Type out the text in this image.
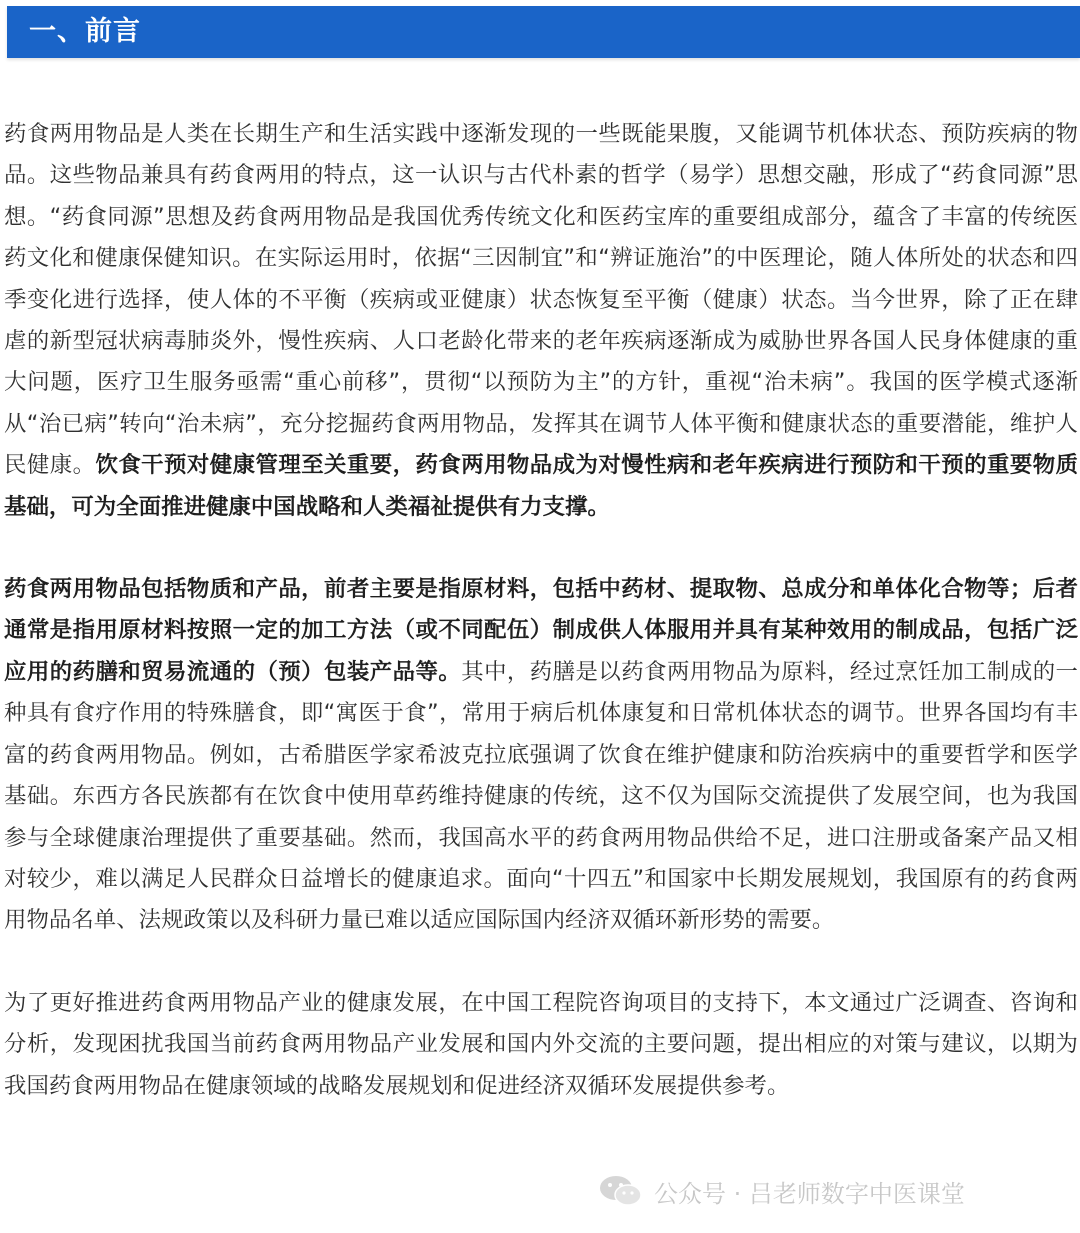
一、前言

药食两用物品是人类在长期生产和生活实践中逐渐发现的一些既能果腹，又能调节机体状态、预防疾病的物品。这些物品兼具有药食两用的特点，这一认识与古代朴素的哲学（易学）思想交融，形成了“药食同源”思想。“药食同源”思想及药食两用物品是我国优秀传统文化和医药宝库的重要组成部分，蕴含了丰富的传统医药文化和健康保健知识。在实际运用时，依据“三因制宜”和“辨证施治”的中医理论，随人体所处的状态和四季变化进行选择，使人体的不平衡（疾病或亚健康）状态恢复至平衡（健康）状态。当今世界，除了正在肆虐的新型冠状病毒肺炎外，慢性疾病、人口老龄化带来的老年疾病逐渐成为威胁世界各国人民身体健康的重大问题，医疗卫生服务亟需“重心前移”，贯彻“以预防为主”的方针，重视“治未病”。我国的医学模式逐渐从“治已病”转向“治未病”，充分挖掘药食两用物品，发挥其在调节人体平衡和健康状态的重要潜能，维护人民健康。饮食干预对健康管理至关重要，药食两用物品成为对慢性病和老年疾病进行预防和干预的重要物质基础，可为全面推进健康中国战略和人类福祉提供有力支撑。

药食两用物品包括物质和产品，前者主要是指原材料，包括中药材、提取物、总成分和单体化合物等；后者通常是指用原材料按照一定的加工方法（或不同配伍）制成供人体服用并具有某种效用的制成品，包括广泛应用的药膳和贸易流通的（预）包装产品等。其中，药膳是以药食两用物品为原料，经过烹饪加工制成的一种具有食疗作用的特殊膳食，即“寓医于食”，常用于病后机体康复和日常机体状态的调节。世界各国均有丰富的药食两用物品。例如，古希腊医学家希波克拉底强调了饮食在维护健康和防治疾病中的重要哲学和医学基础。东西方各民族都有在饮食中使用草药维持健康的传统，这不仅为国际交流提供了发展空间，也为我国参与全球健康治理提供了重要基础。然而，我国高水平的药食两用物品供给不足，进口注册或备案产品又相对较少，难以满足人民群众日益增长的健康追求。面向“十四五”和国家中长期发展规划，我国原有的药食两用物品名单、法规政策以及科研力量已难以适应国际国内经济双循环新形势的需要。

为了更好推进药食两用物品产业的健康发展，在中国工程院咨询项目的支持下，本文通过广泛调查、咨询和分析，发现困扰我国当前药食两用物品产业发展和国内外交流的主要问题，提出相应的对策与建议，以期为我国药食两用物品在健康领域的战略发展规划和促进经济双循环发展提供参考。

公众号 · 吕老师数字中医课堂
